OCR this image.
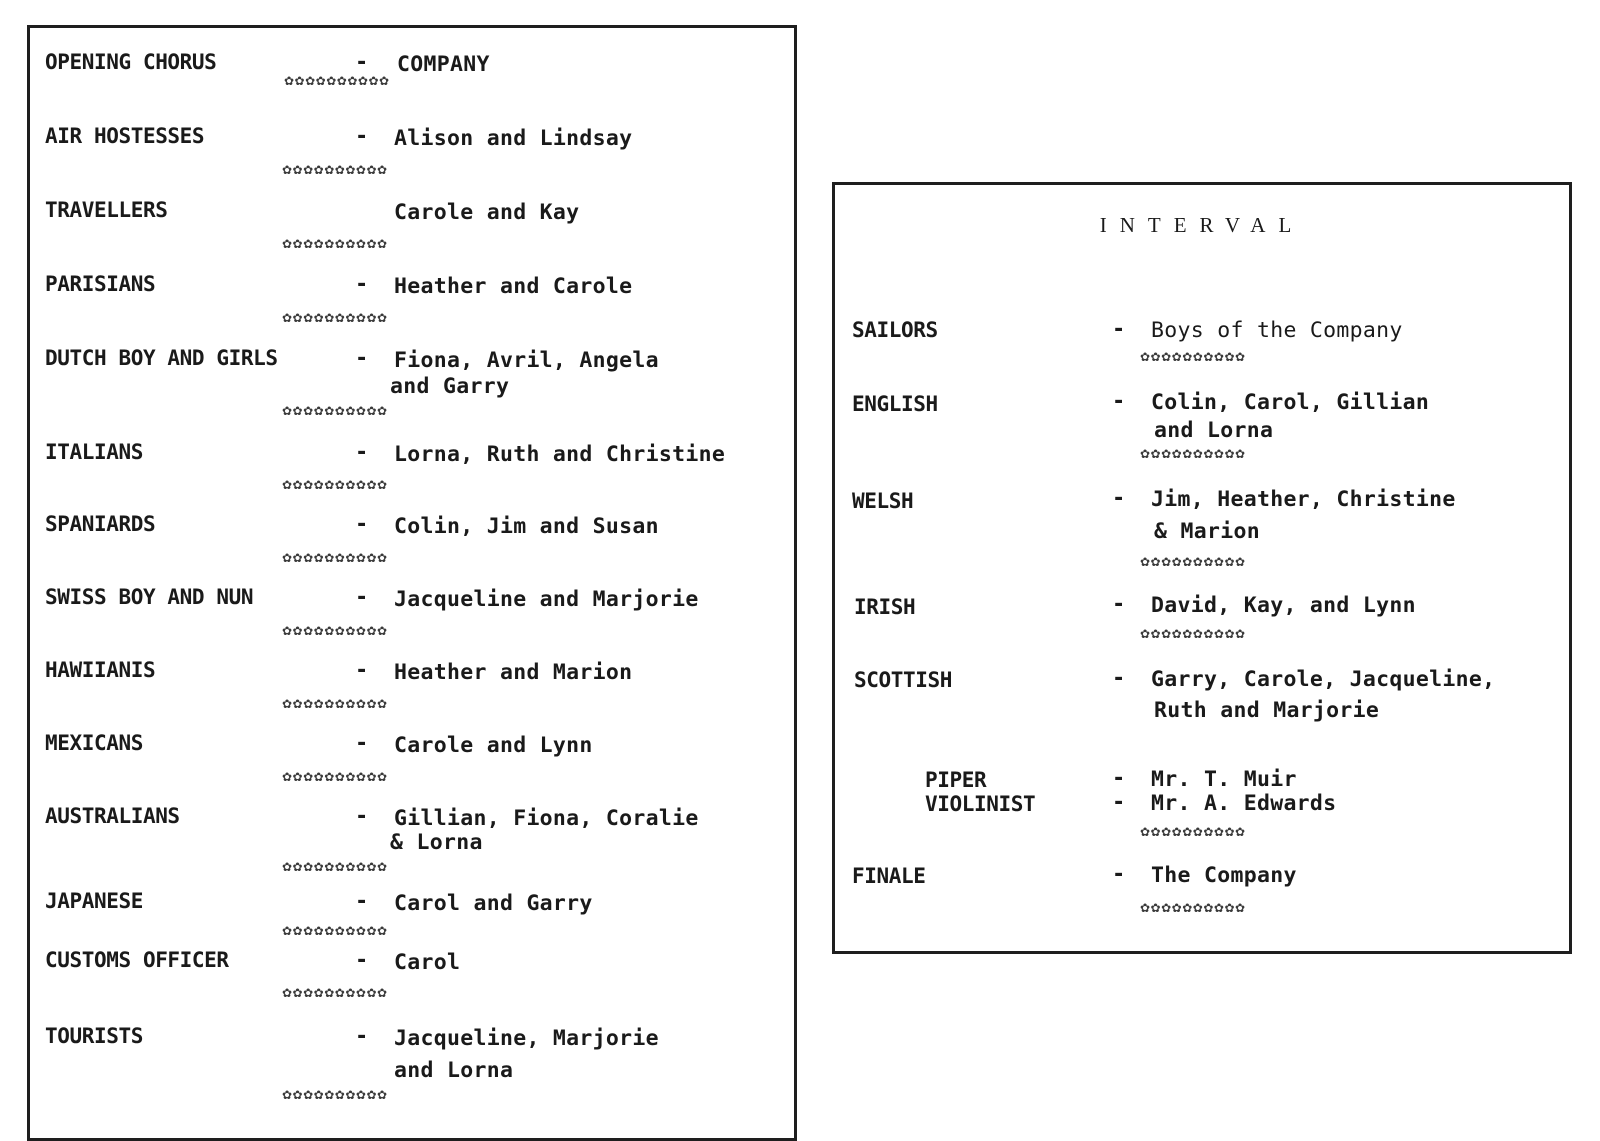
OPENING CHORUS	- COMPANY
✿✿✿✿✿✿✿✿✿✿
AIR HOSTESSES	- Alison and Lindsay
✿✿✿✿✿✿✿✿✿✿
TRAVELLERS	Carole and Kay
✿✿✿✿✿✿✿✿✿✿
PARISIANS	- Heather and Carole
✿✿✿✿✿✿✿✿✿✿
DUTCH BOY AND GIRLS	- Fiona, Avril, Angela
and Garry
✿✿✿✿✿✿✿✿✿✿
ITALIANS	- Lorna, Ruth and Christine
✿✿✿✿✿✿✿✿✿✿
SPANIARDS	- Colin, Jim and Susan
✿✿✿✿✿✿✿✿✿✿
SWISS BOY AND NUN	- Jacqueline and Marjorie
✿✿✿✿✿✿✿✿✿✿
HAWIIANIS	- Heather and Marion
✿✿✿✿✿✿✿✿✿✿
MEXICANS	- Carole and Lynn
✿✿✿✿✿✿✿✿✿✿
AUSTRALIANS	- Gillian, Fiona, Coralie
& Lorna
✿✿✿✿✿✿✿✿✿✿
JAPANESE	- Carol and Garry
✿✿✿✿✿✿✿✿✿✿
CUSTOMS OFFICER	- Carol
✿✿✿✿✿✿✿✿✿✿
TOURISTS	- Jacqueline, Marjorie
and Lorna
✿✿✿✿✿✿✿✿✿✿
INTERVAL
SAILORS	- Boys of the Company
✿✿✿✿✿✿✿✿✿✿
ENGLISH	- Colin, Carol, Gillian
and Lorna
✿✿✿✿✿✿✿✿✿✿
WELSH	- Jim, Heather, Christine
& Marion
✿✿✿✿✿✿✿✿✿✿
IRISH	- David, Kay, and Lynn
✿✿✿✿✿✿✿✿✿✿
SCOTTISH	- Garry, Carole, Jacqueline,
Ruth and Marjorie
PIPER	- Mr. T. Muir
VIOLINIST	- Mr. A. Edwards
✿✿✿✿✿✿✿✿✿✿
FINALE	- The Company
✿✿✿✿✿✿✿✿✿✿
